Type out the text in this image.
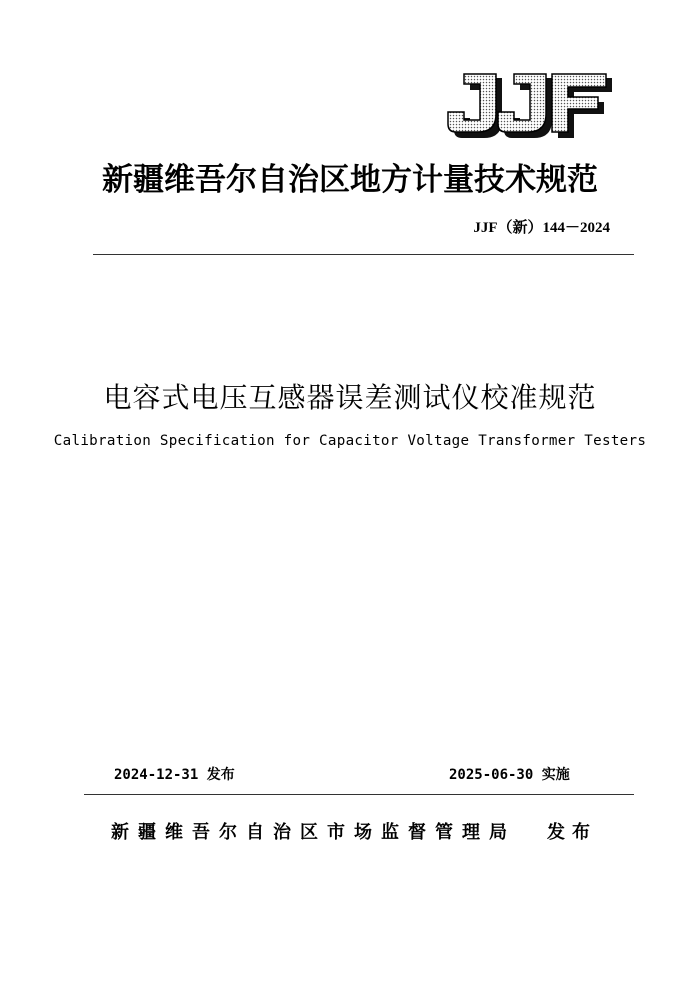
新疆维吾尔自治区地方计量技术规范
JJF（新）144－2024
电容式电压互感器误差测试仪校准规范
Calibration Specification for Capacitor Voltage Transformer Testers
2024-12-31 发布	2025-06-30 实施
新疆维吾尔自治区市场监督管理局 发布
